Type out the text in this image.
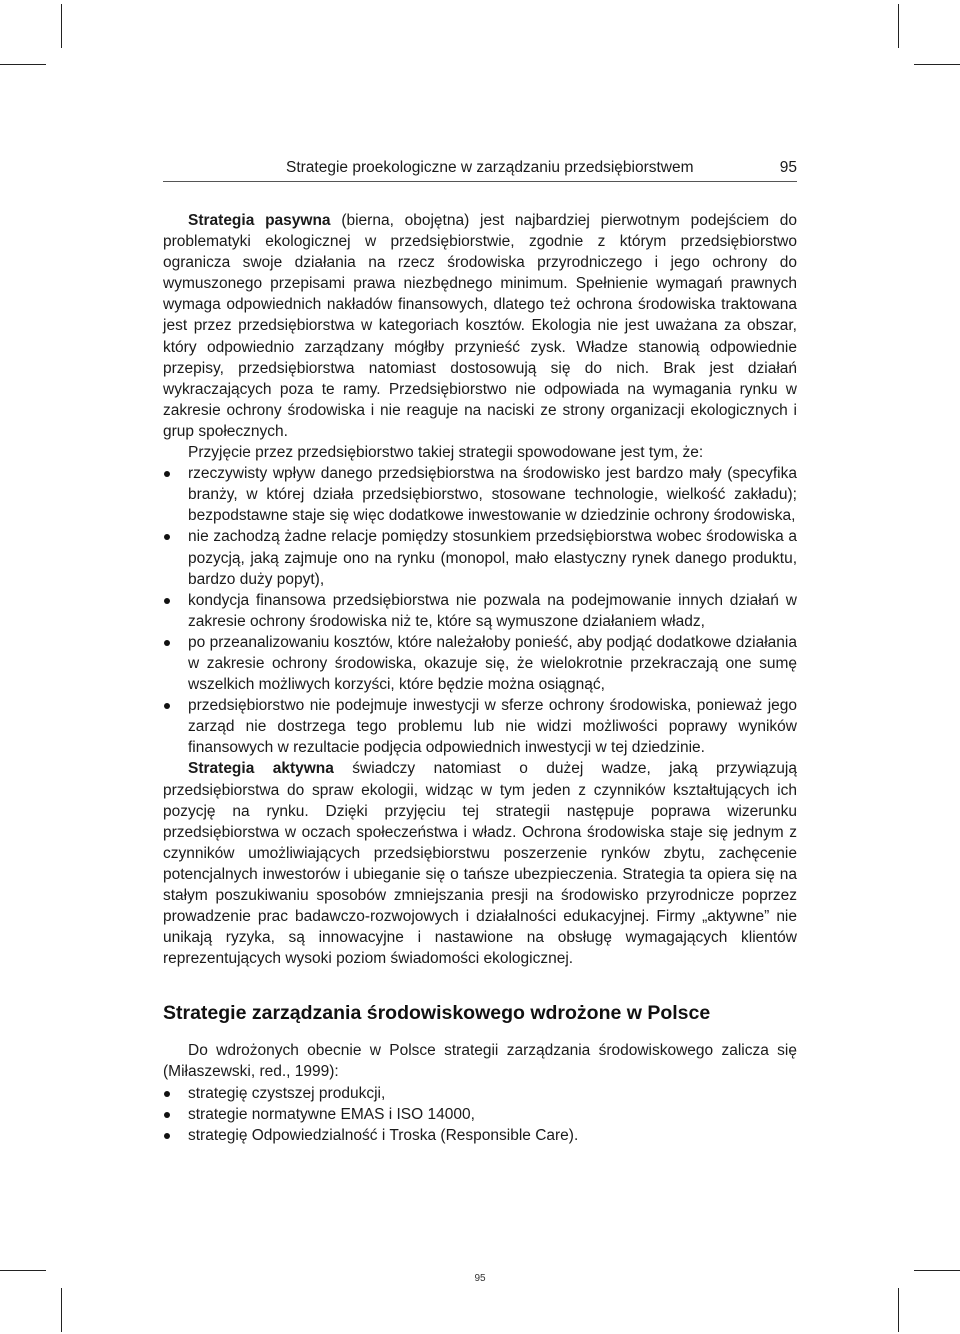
Strategie proekologiczne w zarządzaniu przedsiębiorstwem	95

Strategia pasywna (bierna, obojętna) jest najbardziej pierwotnym podejściem do problematyki ekologicznej w przedsiębiorstwie, zgodnie z którym przedsiębiorstwo ogranicza swoje działania na rzecz środowiska przyrodniczego i jego ochrony do wymuszonego przepisami prawa niezbędnego minimum. Spełnienie wymagań prawnych wymaga odpowiednich nakładów finansowych, dlatego też ochrona środowiska traktowana jest przez przedsiębiorstwa w kategoriach kosztów. Ekologia nie jest uważana za obszar, który odpowiednio zarządzany mógłby przynieść zysk. Władze stanowią odpowiednie przepisy, przedsiębiorstwa natomiast dostosowują się do nich. Brak jest działań wykraczających poza te ramy. Przedsiębiorstwo nie odpowiada na wymagania rynku w zakresie ochrony środowiska i nie reaguje na naciski ze strony organizacji ekologicznych i grup społecznych.

Przyjęcie przez przedsiębiorstwo takiej strategii spowodowane jest tym, że:

rzeczywisty wpływ danego przedsiębiorstwa na środowisko jest bardzo mały (specyfika branży, w której działa przedsiębiorstwo, stosowane technologie, wielkość zakładu); bezpodstawne staje się więc dodatkowe inwestowanie w dziedzinie ochrony środowiska,
nie zachodzą żadne relacje pomiędzy stosunkiem przedsiębiorstwa wobec środowiska a pozycją, jaką zajmuje ono na rynku (monopol, mało elastyczny rynek danego produktu, bardzo duży popyt),
kondycja finansowa przedsiębiorstwa nie pozwala na podejmowanie innych działań w zakresie ochrony środowiska niż te, które są wymuszone działaniem władz,
po przeanalizowaniu kosztów, które należałoby ponieść, aby podjąć dodatkowe działania w zakresie ochrony środowiska, okazuje się, że wielokrotnie przekraczają one sumę wszelkich możliwych korzyści, które będzie można osiągnąć,
przedsiębiorstwo nie podejmuje inwestycji w sferze ochrony środowiska, ponieważ jego zarząd nie dostrzega tego problemu lub nie widzi możliwości poprawy wyników finansowych w rezultacie podjęcia odpowiednich inwestycji w tej dziedzinie.

Strategia aktywna świadczy natomiast o dużej wadze, jaką przywiązują przedsiębiorstwa do spraw ekologii, widząc w tym jeden z czynników kształtujących ich pozycję na rynku. Dzięki przyjęciu tej strategii następuje poprawa wizerunku przedsiębiorstwa w oczach społeczeństwa i władz. Ochrona środowiska staje się jednym z czynników umożliwiających przedsiębiorstwu poszerzenie rynków zbytu, zachęcenie potencjalnych inwestorów i ubieganie się o tańsze ubezpieczenia. Strategia ta opiera się na stałym poszukiwaniu sposobów zmniejszania presji na środowisko przyrodnicze poprzez prowadzenie prac badawczo-rozwojowych i działalności edukacyjnej. Firmy „aktywne” nie unikają ryzyka, są innowacyjne i nastawione na obsługę wymagających klientów reprezentujących wysoki poziom świadomości ekologicznej.

Strategie zarządzania środowiskowego wdrożone w Polsce

Do wdrożonych obecnie w Polsce strategii zarządzania środowiskowego zalicza się (Miłaszewski, red., 1999):

strategię czystszej produkcji,
strategie normatywne EMAS i ISO 14000,
strategię Odpowiedzialność i Troska (Responsible Care).
95
